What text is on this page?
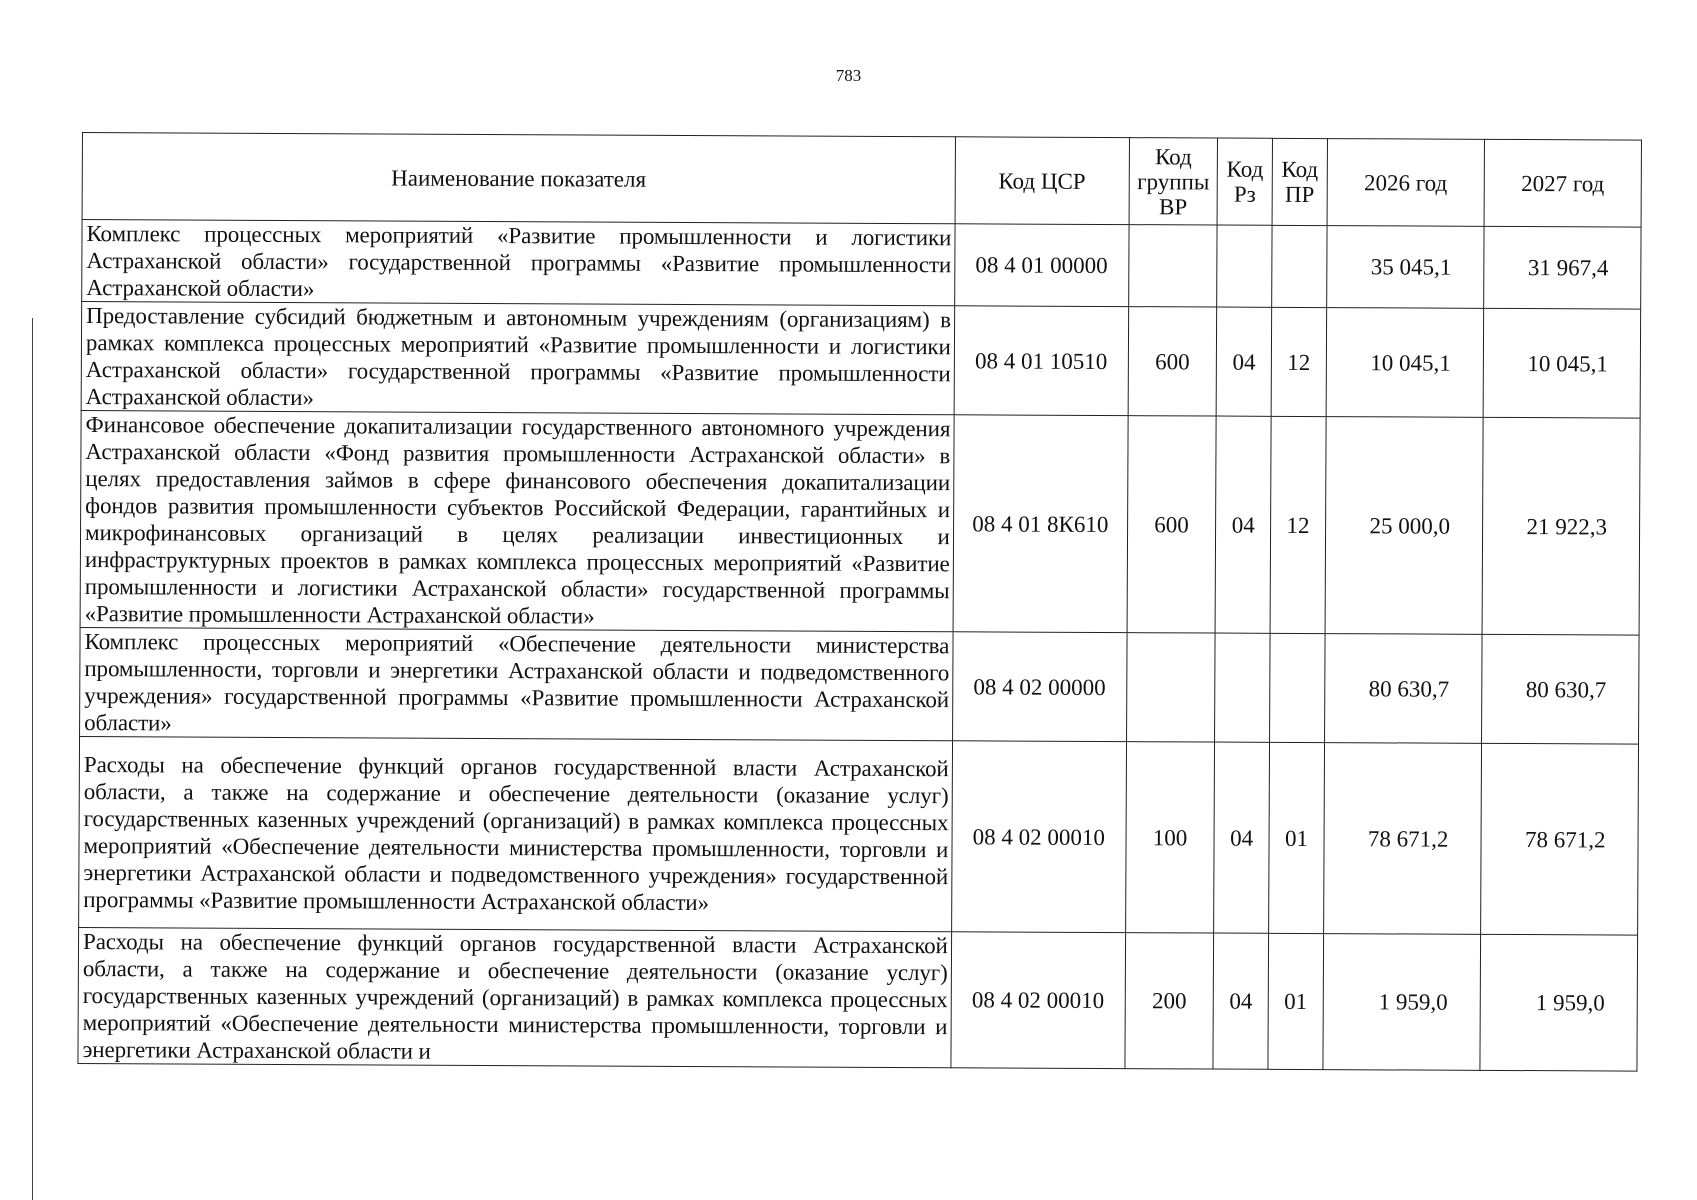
783
Наименование показателя	Код ЦСР	Код группы ВР	Код Рз	Код ПР	2026 год	2027 год
Комплекс процессных мероприятий «Развитие промышленности и логистики Астраханской области» государственной программы «Развитие промышленности Астраханской области»	08 4 01 00000				35 045,1	31 967,4
Предоставление субсидий бюджетным и автономным учреждениям (организациям) в рамках комплекса процессных мероприятий «Развитие промышленности и логистики Астраханской области» государственной программы «Развитие промышленности Астраханской области»	08 4 01 10510	600	04	12	10 045,1	10 045,1
Финансовое обеспечение докапитализации государственного автономного учреждения Астраханской области «Фонд развития промышленности Астраханской области» в целях предоставления займов в сфере финансового обеспечения докапитализации фондов развития промышленности субъектов Российской Федерации, гарантийных и микрофинансовых организаций в целях реализации инвестиционных и инфраструктурных проектов в рамках комплекса процессных мероприятий «Развитие промышленности и логистики Астраханской области» государственной программы «Развитие промышленности Астраханской области»	08 4 01 8К610	600	04	12	25 000,0	21 922,3
Комплекс процессных мероприятий «Обеспечение деятельности министерства промышленности, торговли и энергетики Астраханской области и подведомственного учреждения» государственной программы «Развитие промышленности Астраханской области»	08 4 02 00000				80 630,7	80 630,7
Расходы на обеспечение функций органов государственной власти Астраханской области, а также на содержание и обеспечение деятельности (оказание услуг) государственных казенных учреждений (организаций) в рамках комплекса процессных мероприятий «Обеспечение деятельности министерства промышленности, торговли и энергетики Астраханской области и подведомственного учреждения» государственной программы «Развитие промышленности Астраханской области»	08 4 02 00010	100	04	01	78 671,2	78 671,2
Расходы на обеспечение функций органов государственной власти Астраханской области, а также на содержание и обеспечение деятельности (оказание услуг) государственных казенных учреждений (организаций) в рамках комплекса процессных мероприятий «Обеспечение деятельности министерства промышленности, торговли и энергетики Астраханской области и	08 4 02 00010	200	04	01	1 959,0	1 959,0
